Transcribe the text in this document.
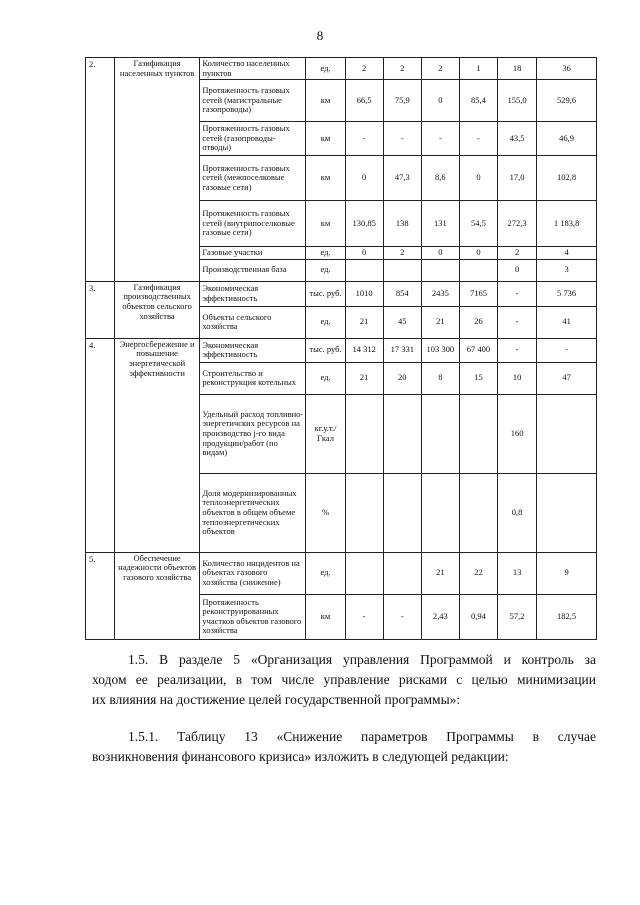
8
2.	Газификация населенных пунктов	Количество населенных пунктов	ед.	2	2	2	1	18	36
		Протяженность газовых сетей (магистральные газопроводы)	км	66,5	75,9	0	85,4	155,0	529,6
		Протяженность газовых сетей (газопроводы-отводы)	км	-	-	-	-	43,5	46,9
		Протяженность газовых сетей (межпоселковые газовые сети)	км	0	47,3	8,6	0	17,0	102,8
		Протяженность газовых сетей (внутрипоселковые газовые сети)	км	130,85	138	131	54,5	272,3	1 183,8
		Газовые участки	ед.	0	2	0	0	2	4
		Производственная база	ед.					0	3
3.	Газификация производственных объектов сельского хозяйства	Экономическая эффективность	тыс. руб.	1010	854	2435	7165	-	5 736
		Объекты сельского хозяйства	ед.	21	45	21	26	-	41
4.	Энергосбережение и повышение энергетической эффективности	Экономическая эффективность	тыс. руб.	14 312	17 331	103 300	67 400	-	-
		Строительство и реконструкция котельных	ед.	21	20	8	15	10	47
		Удельный расход топливно-энергетичских ресурсов на производство j-го вида продукции/работ (по видам)	кг.у.т./ Гкал					160	
		Доля модернизированных теплоэнергетических объектов в общем объеме теплоэнергетических объектов	%					0,8	
5.	Обеспечение надежности объектов газового хозяйства	Количество инцидентов на объектах газового хозяйства (снижение)	ед.			21	22	13	9
		Протяженность реконструированных участков объектов газового хозяйства	км	-	-	2,43	0,94	57,2	182,5
1.5. В разделе 5 «Организация управления Программой и контроль за
ходом ее реализации, в том числе управление рисками с целью минимизации
их влияния на достижение целей государственной программы»:
1.5.1. Таблицу 13 «Снижение параметров Программы в случае
возникновения финансового кризиса» изложить в следующей редакции:
